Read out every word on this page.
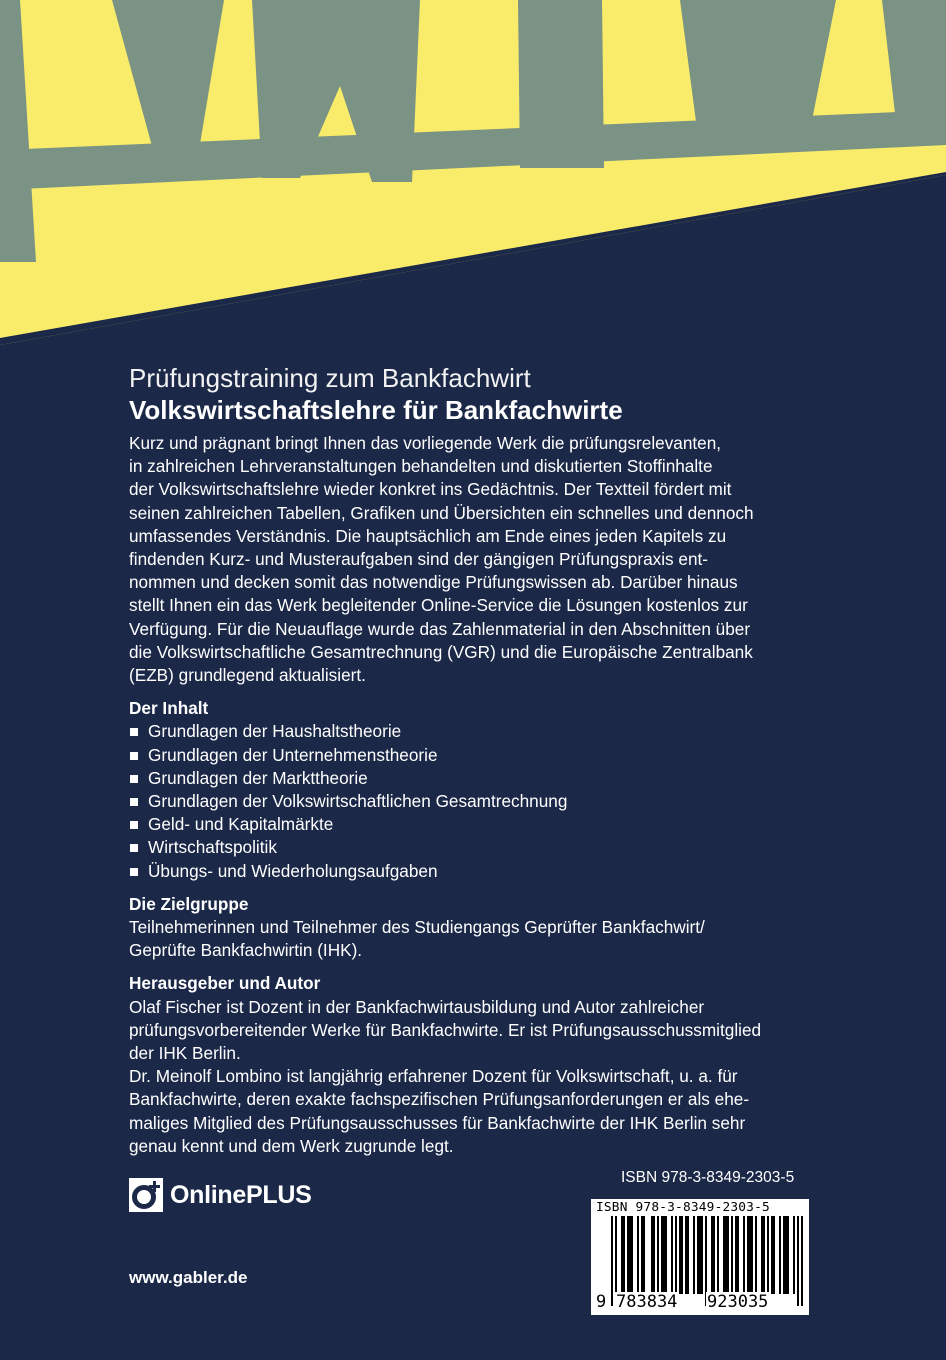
Prüfungstraining zum Bankfachwirt
Volkswirtschaftslehre für Bankfachwirte

Kurz und prägnant bringt Ihnen das vorliegende Werk die prüfungsrelevanten,

in zahlreichen Lehrveranstaltungen behandelten und diskutierten Stoffinhalte

der Volkswirtschaftslehre wieder konkret ins Gedächtnis. Der Textteil fördert mit

seinen zahlreichen Tabellen, Grafiken und Übersichten ein schnelles und dennoch

umfassendes Verständnis. Die hauptsächlich am Ende eines jeden Kapitels zu

findenden Kurz- und Musteraufgaben sind der gängigen Prüfungspraxis ent-

nommen und decken somit das notwendige Prüfungswissen ab. Darüber hinaus

stellt Ihnen ein das Werk begleitender Online-Service die Lösungen kostenlos zur

Verfügung. Für die Neuauflage wurde das Zahlenmaterial in den Abschnitten über

die Volkswirtschaftliche Gesamtrechnung (VGR) und die Europäische Zentralbank

(EZB) grundlegend aktualisiert.

Der Inhalt
Grundlagen der Haushaltstheorie
Grundlagen der Unternehmenstheorie
Grundlagen der Markttheorie
Grundlagen der Volkswirtschaftlichen Gesamtrechnung
Geld- und Kapitalmärkte
Wirtschaftspolitik
Übungs- und Wiederholungsaufgaben
Die Zielgruppe

Teilnehmerinnen und Teilnehmer des Studiengangs Geprüfter Bankfachwirt/

Geprüfte Bankfachwirtin (IHK).

Herausgeber und Autor

Olaf Fischer ist Dozent in der Bankfachwirtausbildung und Autor zahlreicher

prüfungsvorbereitender Werke für Bankfachwirte. Er ist Prüfungsausschussmitglied

der IHK Berlin.

Dr. Meinolf Lombino ist langjährig erfahrener Dozent für Volkswirtschaft, u. a. für

Bankfachwirte, deren exakte fachspezifischen Prüfungsanforderungen er als ehe-

maliges Mitglied des Prüfungsausschusses für Bankfachwirte der IHK Berlin sehr

genau kennt und dem Werk zugrunde legt.

ISBN 978-3-8349-2303-5
OnlinePLUS
www.gabler.de
ISBN 978-3-8349-2303-5
9 783834 923035
